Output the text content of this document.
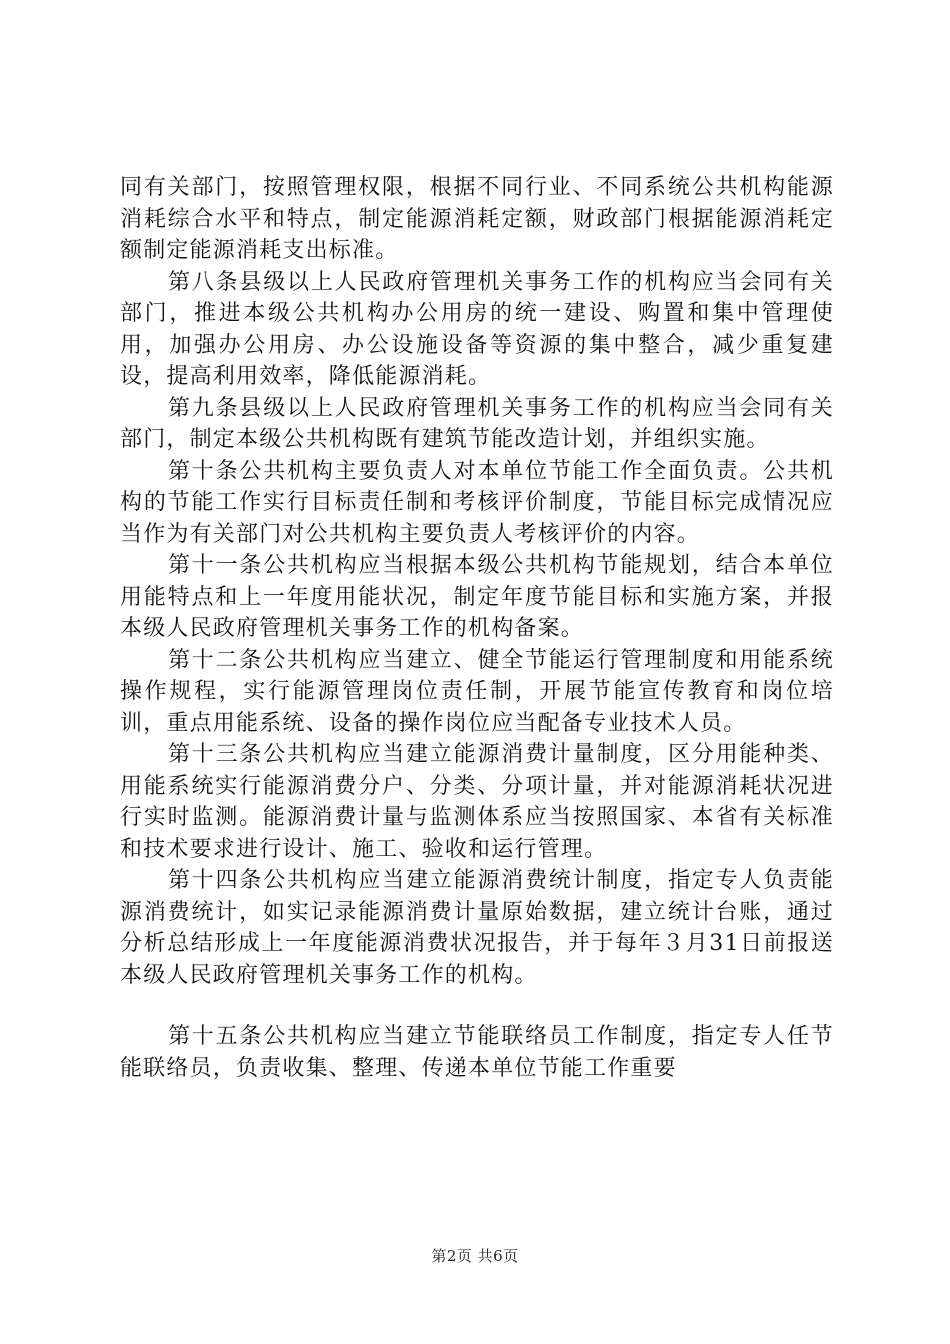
同有关部门，按照管理权限，根据不同行业、不同系统公共机构能源消耗综合水平和特点，制定能源消耗定额，财政部门根据能源消耗定额制定能源消耗支出标准。

第八条县级以上人民政府管理机关事务工作的机构应当会同有关部门，推进本级公共机构办公用房的统一建设、购置和集中管理使用，加强办公用房、办公设施设备等资源的集中整合，减少重复建设，提高利用效率，降低能源消耗。

第九条县级以上人民政府管理机关事务工作的机构应当会同有关部门，制定本级公共机构既有建筑节能改造计划，并组织实施。

第十条公共机构主要负责人对本单位节能工作全面负责。公共机构的节能工作实行目标责任制和考核评价制度，节能目标完成情况应当作为有关部门对公共机构主要负责人考核评价的内容。

第十一条公共机构应当根据本级公共机构节能规划，结合本单位用能特点和上一年度用能状况，制定年度节能目标和实施方案，并报本级人民政府管理机关事务工作的机构备案。

第十二条公共机构应当建立、健全节能运行管理制度和用能系统操作规程，实行能源管理岗位责任制，开展节能宣传教育和岗位培训，重点用能系统、设备的操作岗位应当配备专业技术人员。

第十三条公共机构应当建立能源消费计量制度，区分用能种类、用能系统实行能源消费分户、分类、分项计量，并对能源消耗状况进行实时监测。能源消费计量与监测体系应当按照国家、本省有关标准和技术要求进行设计、施工、验收和运行管理。

第十四条公共机构应当建立能源消费统计制度，指定专人负责能源消费统计，如实记录能源消费计量原始数据，建立统计台账，通过分析总结形成上一年度能源消费状况报告，并于每年３月31日前报送本级人民政府管理机关事务工作的机构。

第十五条公共机构应当建立节能联络员工作制度，指定专人任节能联络员，负责收集、整理、传递本单位节能工作重要

第2页 共6页
